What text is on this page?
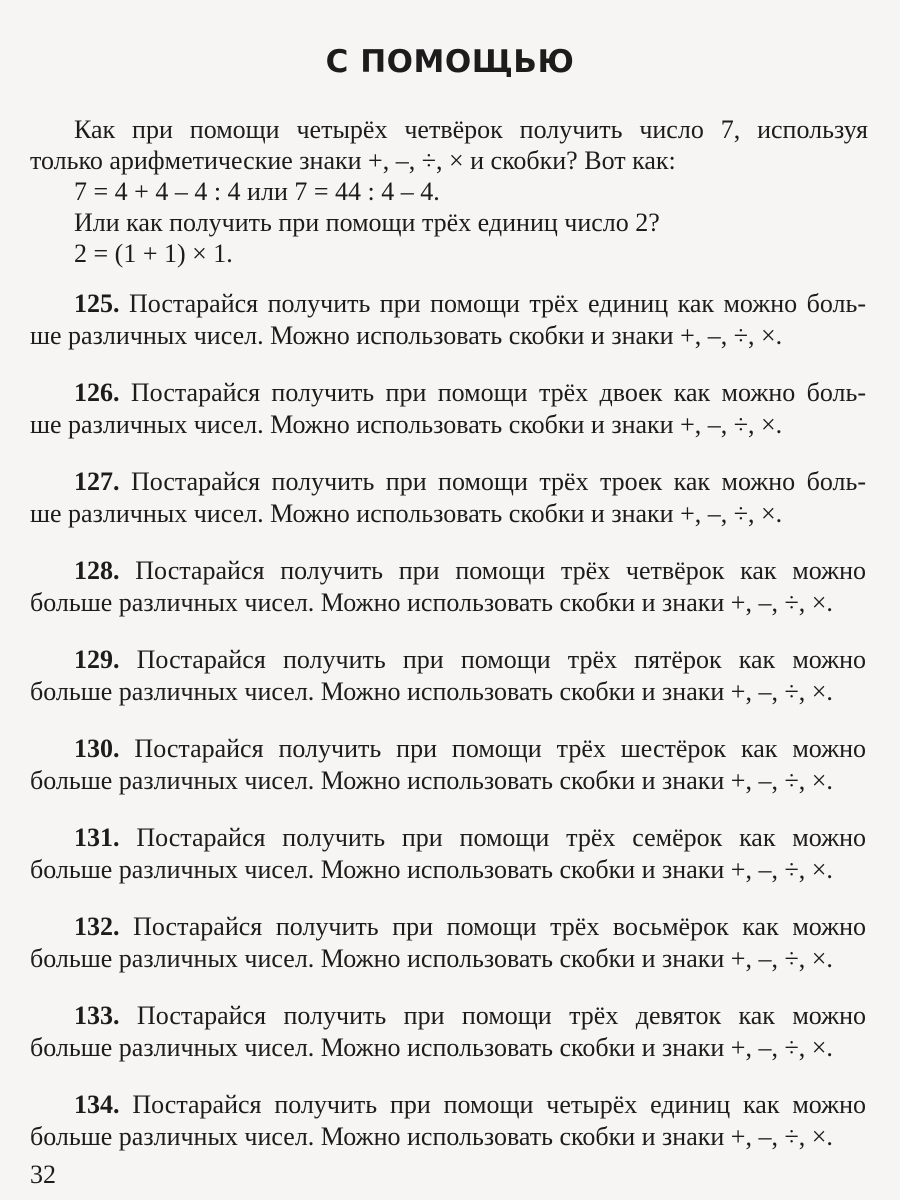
С ПОМОЩЬЮ
Как при помощи четырёх четвёрок получить число 7, используя
только арифметические знаки +, –, ÷, × и скобки? Вот как:
7 = 4 + 4 – 4 : 4 или 7 = 44 : 4 – 4.
Или как получить при помощи трёх единиц число 2?
2 = (1 + 1) × 1.
125. Постарайся получить при помощи трёх единиц как можно боль-
ше различных чисел. Можно использовать скобки и знаки +, –, ÷, ×.
126. Постарайся получить при помощи трёх двоек как можно боль-
ше различных чисел. Можно использовать скобки и знаки +, –, ÷, ×.
127. Постарайся получить при помощи трёх троек как можно боль-
ше различных чисел. Можно использовать скобки и знаки +, –, ÷, ×.
128. Постарайся получить при помощи трёх четвёрок как можно
больше различных чисел. Можно использовать скобки и знаки +, –, ÷, ×.
129. Постарайся получить при помощи трёх пятёрок как можно
больше различных чисел. Можно использовать скобки и знаки +, –, ÷, ×.
130. Постарайся получить при помощи трёх шестёрок как можно
больше различных чисел. Можно использовать скобки и знаки +, –, ÷, ×.
131. Постарайся получить при помощи трёх семёрок как можно
больше различных чисел. Можно использовать скобки и знаки +, –, ÷, ×.
132. Постарайся получить при помощи трёх восьмёрок как можно
больше различных чисел. Можно использовать скобки и знаки +, –, ÷, ×.
133. Постарайся получить при помощи трёх девяток как можно
больше различных чисел. Можно использовать скобки и знаки +, –, ÷, ×.
134. Постарайся получить при помощи четырёх единиц как можно
больше различных чисел. Можно использовать скобки и знаки +, –, ÷, ×.
32
